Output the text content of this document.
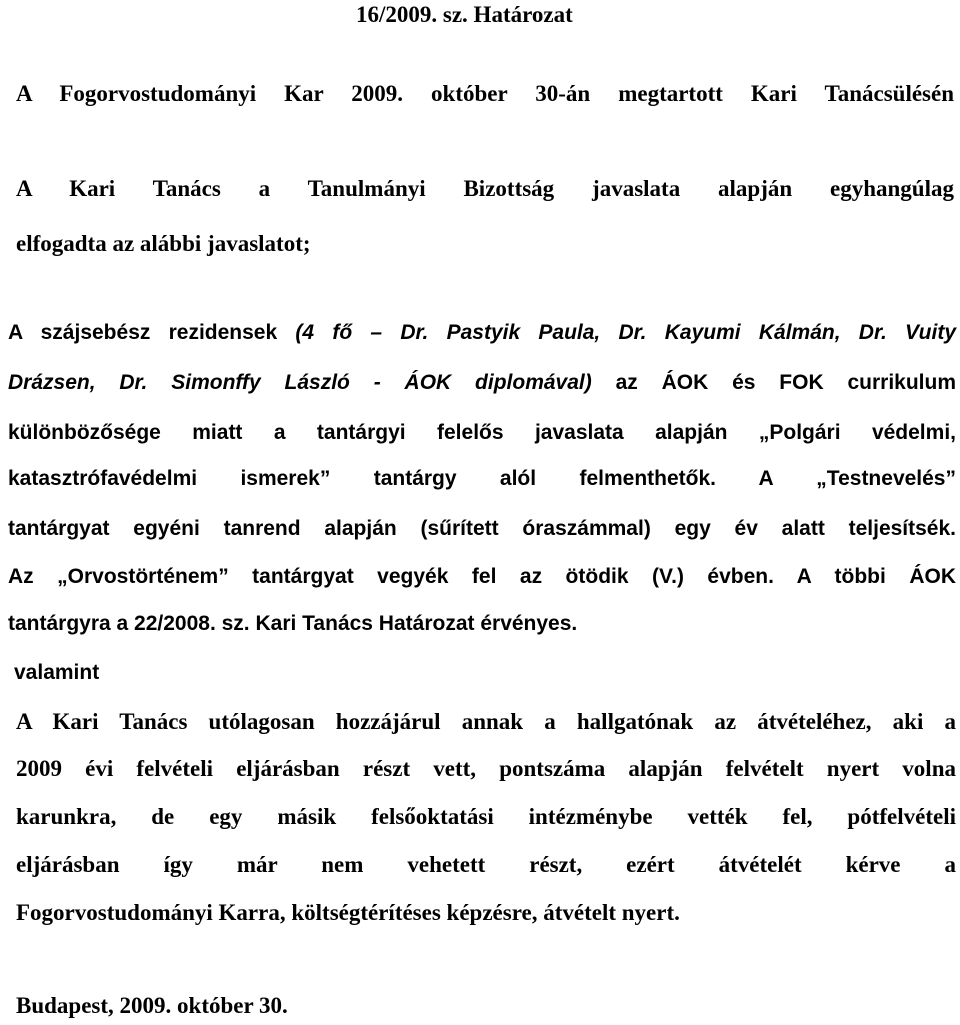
16/2009. sz. Határozat
A Fogorvostudományi Kar 2009. október 30-án megtartott Kari Tanácsülésén
A Kari Tanács a Tanulmányi Bizottság javaslata alapján egyhangúlag
elfogadta az alábbi javaslatot;
A szájsebész rezidensek (4 fő – Dr. Pastyik Paula, Dr. Kayumi Kálmán, Dr. Vuity
Drázsen, Dr. Simonffy László - ÁOK diplomával) az ÁOK és FOK currikulum
különbözősége miatt a tantárgyi felelős javaslata alapján „Polgári védelmi,
katasztrófavédelmi ismerek” tantárgy alól felmenthetők. A „Testnevelés”
tantárgyat egyéni tanrend alapján (sűrített óraszámmal) egy év alatt teljesítsék.
Az „Orvostörténem” tantárgyat vegyék fel az ötödik (V.) évben. A többi ÁOK
tantárgyra a 22/2008. sz. Kari Tanács Határozat érvényes.
valamint
A Kari Tanács utólagosan hozzájárul annak a hallgatónak az átvételéhez, aki a
2009 évi felvételi eljárásban részt vett, pontszáma alapján felvételt nyert volna
karunkra, de egy másik felsőoktatási intézménybe vették fel, pótfelvételi
eljárásban így már nem vehetett részt, ezért átvételét kérve a
Fogorvostudományi Karra, költségtérítéses képzésre, átvételt nyert.
Budapest, 2009. október 30.
